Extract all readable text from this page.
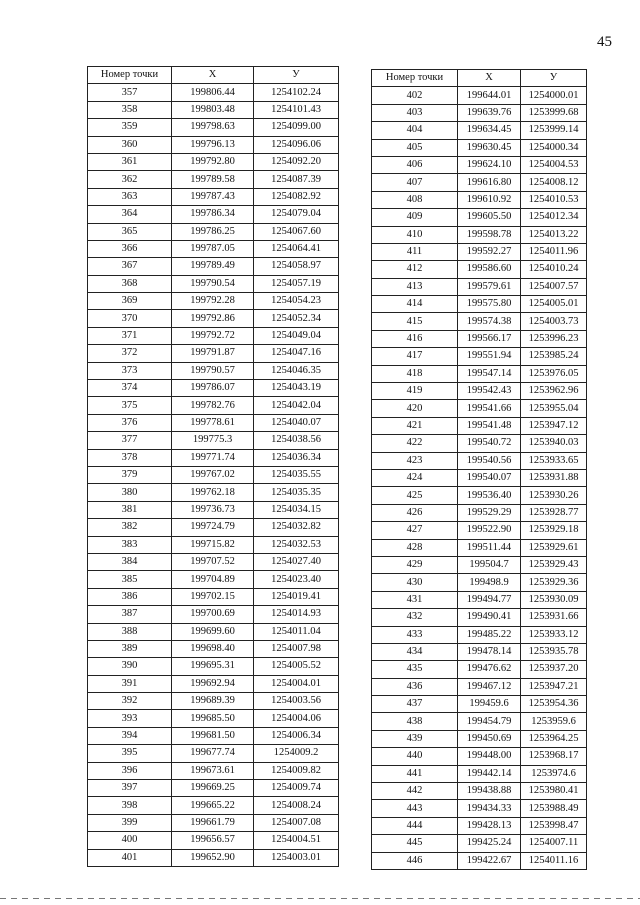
45
Номер точки	X	У
357	199806.44	1254102.24
358	199803.48	1254101.43
359	199798.63	1254099.00
360	199796.13	1254096.06
361	199792.80	1254092.20
362	199789.58	1254087.39
363	199787.43	1254082.92
364	199786.34	1254079.04
365	199786.25	1254067.60
366	199787.05	1254064.41
367	199789.49	1254058.97
368	199790.54	1254057.19
369	199792.28	1254054.23
370	199792.86	1254052.34
371	199792.72	1254049.04
372	199791.87	1254047.16
373	199790.57	1254046.35
374	199786.07	1254043.19
375	199782.76	1254042.04
376	199778.61	1254040.07
377	199775.3	1254038.56
378	199771.74	1254036.34
379	199767.02	1254035.55
380	199762.18	1254035.35
381	199736.73	1254034.15
382	199724.79	1254032.82
383	199715.82	1254032.53
384	199707.52	1254027.40
385	199704.89	1254023.40
386	199702.15	1254019.41
387	199700.69	1254014.93
388	199699.60	1254011.04
389	199698.40	1254007.98
390	199695.31	1254005.52
391	199692.94	1254004.01
392	199689.39	1254003.56
393	199685.50	1254004.06
394	199681.50	1254006.34
395	199677.74	1254009.2
396	199673.61	1254009.82
397	199669.25	1254009.74
398	199665.22	1254008.24
399	199661.79	1254007.08
400	199656.57	1254004.51
401	199652.90	1254003.01
Номер точки	X	У
402	199644.01	1254000.01
403	199639.76	1253999.68
404	199634.45	1253999.14
405	199630.45	1254000.34
406	199624.10	1254004.53
407	199616.80	1254008.12
408	199610.92	1254010.53
409	199605.50	1254012.34
410	199598.78	1254013.22
411	199592.27	1254011.96
412	199586.60	1254010.24
413	199579.61	1254007.57
414	199575.80	1254005.01
415	199574.38	1254003.73
416	199566.17	1253996.23
417	199551.94	1253985.24
418	199547.14	1253976.05
419	199542.43	1253962.96
420	199541.66	1253955.04
421	199541.48	1253947.12
422	199540.72	1253940.03
423	199540.56	1253933.65
424	199540.07	1253931.88
425	199536.40	1253930.26
426	199529.29	1253928.77
427	199522.90	1253929.18
428	199511.44	1253929.61
429	199504.7	1253929.43
430	199498.9	1253929.36
431	199494.77	1253930.09
432	199490.41	1253931.66
433	199485.22	1253933.12
434	199478.14	1253935.78
435	199476.62	1253937.20
436	199467.12	1253947.21
437	199459.6	1253954.36
438	199454.79	1253959.6
439	199450.69	1253964.25
440	199448.00	1253968.17
441	199442.14	1253974.6
442	199438.88	1253980.41
443	199434.33	1253988.49
444	199428.13	1253998.47
445	199425.24	1254007.11
446	199422.67	1254011.16
